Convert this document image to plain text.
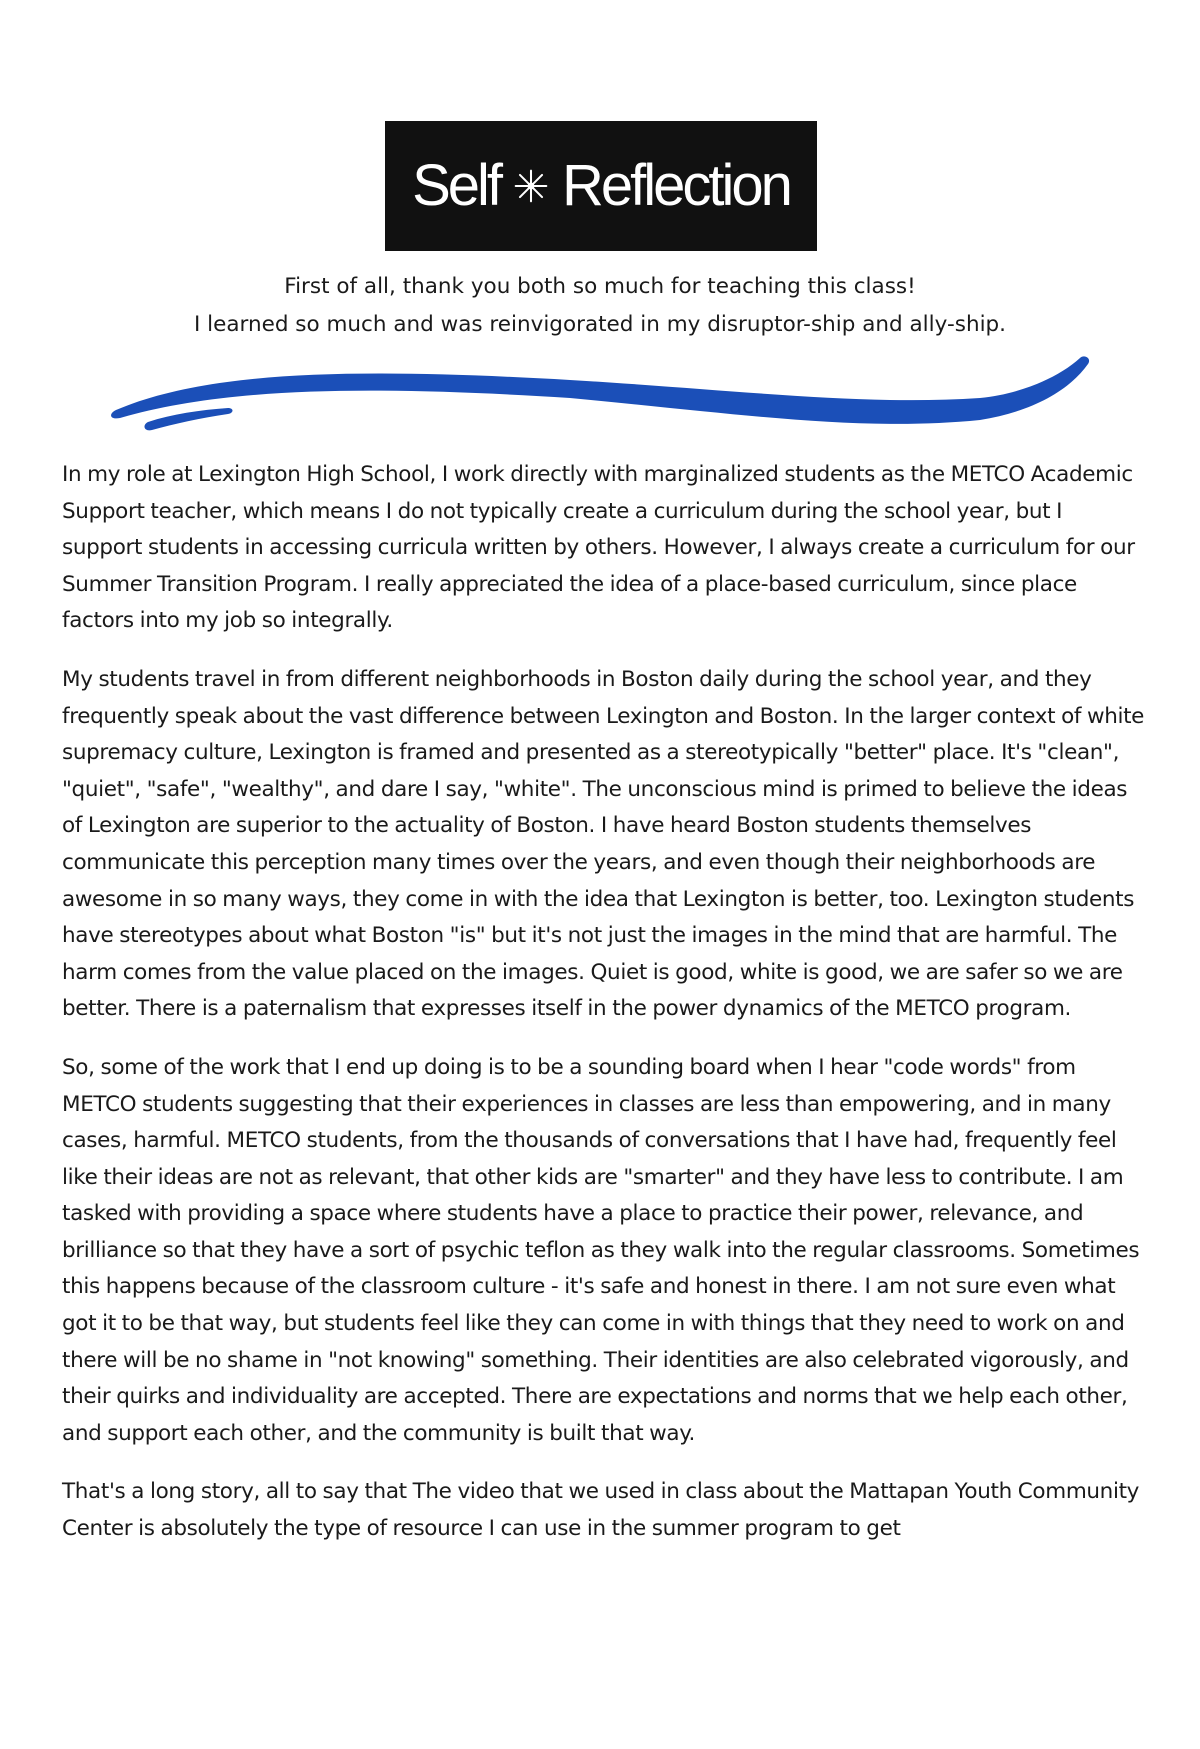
Self Reflection
First of all, thank you both so much for teaching this class!
I learned so much and was reinvigorated in my disruptor-ship and ally-ship.

In my role at Lexington High School, I work directly with marginalized students as the METCO Academic Support teacher, which means I do not typically create a curriculum during the school year, but I support students in accessing curricula written by others. However, I always create a curriculum for our Summer Transition Program. I really appreciated the idea of a place-based curriculum, since place factors into my job so integrally.

My students travel in from different neighborhoods in Boston daily during the school year, and they frequently speak about the vast difference between Lexington and Boston. In the larger context of white supremacy culture, Lexington is framed and presented as a stereotypically "better" place. It's "clean", "quiet", "safe", "wealthy", and dare I say, "white". The unconscious mind is primed to believe the ideas of Lexington are superior to the actuality of Boston. I have heard Boston students themselves communicate this perception many times over the years, and even though their neighborhoods are awesome in so many ways, they come in with the idea that Lexington is better, too. Lexington students have stereotypes about what Boston "is" but it's not just the images in the mind that are harmful. The harm comes from the value placed on the images. Quiet is good, white is good, we are safer so we are better. There is a paternalism that expresses itself in the power dynamics of the METCO program.

So, some of the work that I end up doing is to be a sounding board when I hear "code words" from METCO students suggesting that their experiences in classes are less than empowering, and in many cases, harmful. METCO students, from the thousands of conversations that I have had, frequently feel like their ideas are not as relevant, that other kids are "smarter" and they have less to contribute. I am tasked with providing a space where students have a place to practice their power, relevance, and brilliance so that they have a sort of psychic teflon as they walk into the regular classrooms. Sometimes this happens because of the classroom culture - it's safe and honest in there. I am not sure even what got it to be that way, but students feel like they can come in with things that they need to work on and there will be no shame in "not knowing" something. Their identities are also celebrated vigorously, and their quirks and individuality are accepted. There are expectations and norms that we help each other, and support each other, and the community is built that way.

That's a long story, all to say that The video that we used in class about the Mattapan Youth Community Center is absolutely the type of resource I can use in the summer program to get
